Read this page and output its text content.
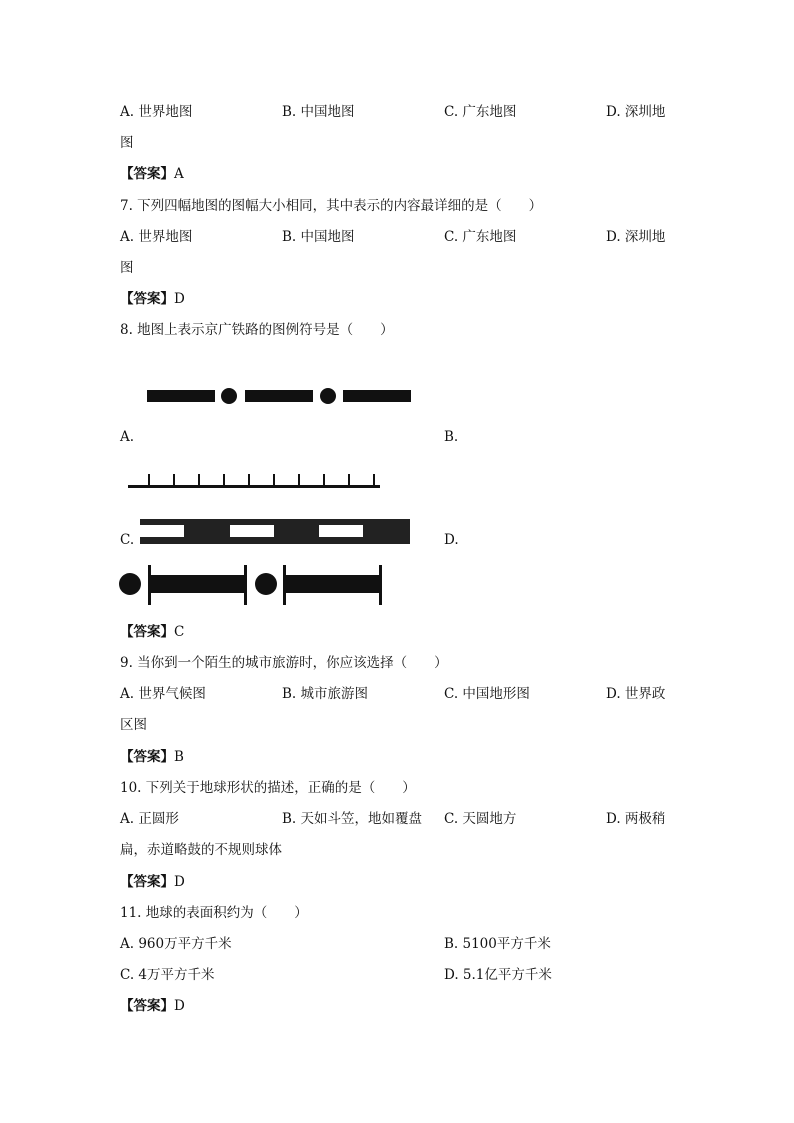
A. 世界地图	B. 中国地图	C. 广东地图	D. 深圳地
图
【答案】A
7. 下列四幅地图的图幅大小相同，其中表示的内容最详细的是（　　）
A. 世界地图	B. 中国地图	C. 广东地图	D. 深圳地
图
【答案】D
8. 地图上表示京广铁路的图例符号是（　　）
A.	B.
C.	D.
【答案】C
9. 当你到一个陌生的城市旅游时，你应该选择（　　）
A. 世界气候图	B. 城市旅游图	C. 中国地形图	D. 世界政
区图
【答案】B
10. 下列关于地球形状的描述，正确的是（　　）
A. 正圆形	B. 天如斗笠，地如覆盘 C. 天圆地方	D. 两极稍
扁，赤道略鼓的不规则球体
【答案】D
11. 地球的表面积约为（　　）
A. 960万平方千米	B. 5100平方千米
C. 4万平方千米	D. 5.1亿平方千米
【答案】D
